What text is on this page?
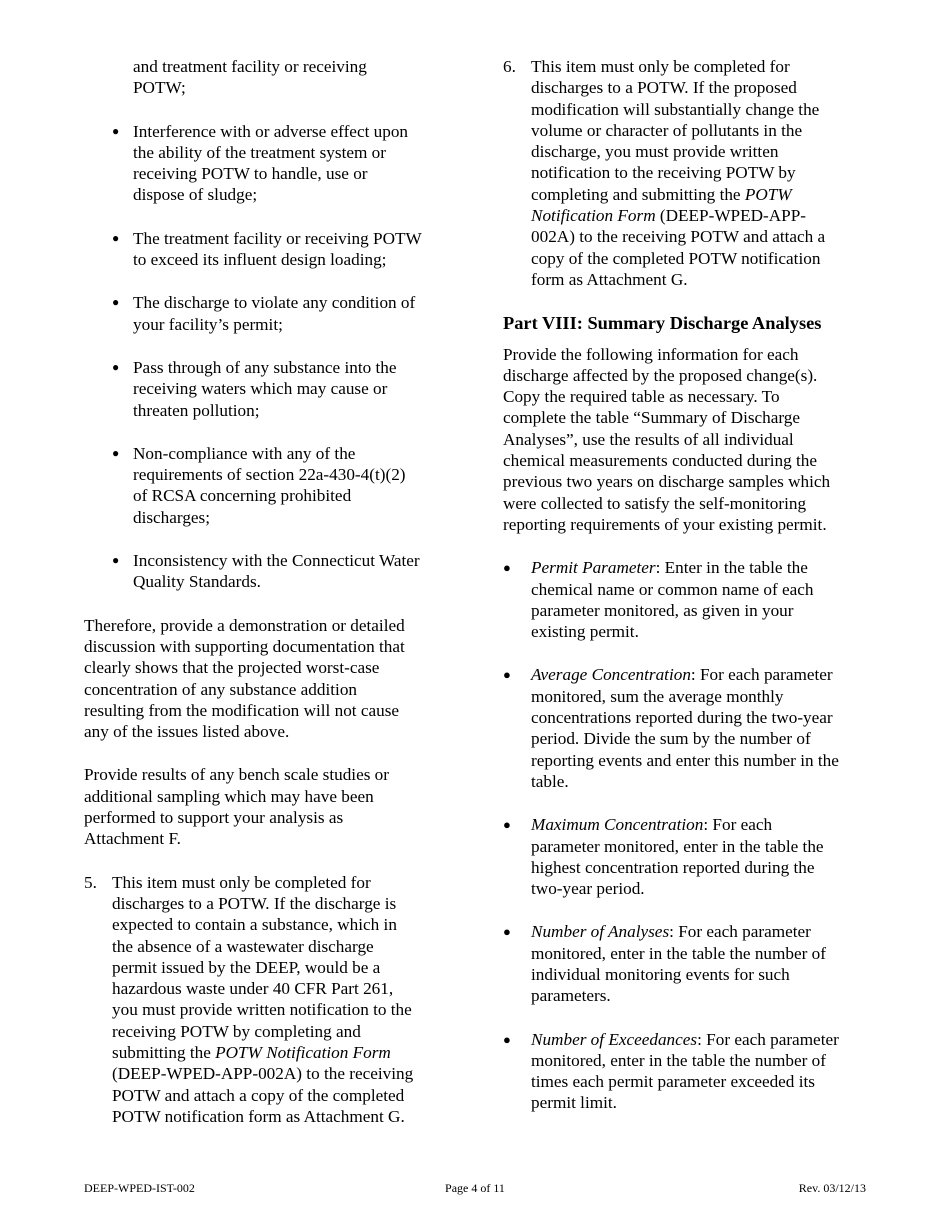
and treatment facility or receiving

POTW;

● Interference with or adverse effect upon

the ability of the treatment system or

receiving POTW to handle, use or

dispose of sludge;

● The treatment facility or receiving POTW

to exceed its influent design loading;

● The discharge to violate any condition of

your facility’s permit;

● Pass through of any substance into the

receiving waters which may cause or

threaten pollution;

● Non-compliance with any of the

requirements of section 22a-430-4(t)(2)

of RCSA concerning prohibited

discharges;

● Inconsistency with the Connecticut Water

Quality Standards.

Therefore, provide a demonstration or detailed

discussion with supporting documentation that

clearly shows that the projected worst-case

concentration of any substance addition

resulting from the modification will not cause

any of the issues listed above.

Provide results of any bench scale studies or

additional sampling which may have been

performed to support your analysis as

Attachment F.

5. This item must only be completed for

discharges to a POTW. If the discharge is

expected to contain a substance, which in

the absence of a wastewater discharge

permit issued by the DEEP, would be a

hazardous waste under 40 CFR Part 261,

you must provide written notification to the

receiving POTW by completing and

submitting the POTW Notification Form

(DEEP-WPED-APP-002A) to the receiving

POTW and attach a copy of the completed

POTW notification form as Attachment G.

6. This item must only be completed for

discharges to a POTW. If the proposed

modification will substantially change the

volume or character of pollutants in the

discharge, you must provide written

notification to the receiving POTW by

completing and submitting the POTW

Notification Form (DEEP-WPED-APP-

002A) to the receiving POTW and attach a

copy of the completed POTW notification

form as Attachment G.

Part VIII: Summary Discharge Analyses

Provide the following information for each

discharge affected by the proposed change(s).

Copy the required table as necessary. To

complete the table “Summary of Discharge

Analyses”, use the results of all individual

chemical measurements conducted during the

previous two years on discharge samples which

were collected to satisfy the self-monitoring

reporting requirements of your existing permit.

● Permit Parameter: Enter in the table the

chemical name or common name of each

parameter monitored, as given in your

existing permit.

● Average Concentration: For each parameter

monitored, sum the average monthly

concentrations reported during the two-year

period. Divide the sum by the number of

reporting events and enter this number in the

table.

● Maximum Concentration: For each

parameter monitored, enter in the table the

highest concentration reported during the

two-year period.

● Number of Analyses: For each parameter

monitored, enter in the table the number of

individual monitoring events for such

parameters.

● Number of Exceedances: For each parameter

monitored, enter in the table the number of

times each permit parameter exceeded its

permit limit.

DEEP-WPED-IST-002	Page 4 of 11	Rev. 03/12/13
